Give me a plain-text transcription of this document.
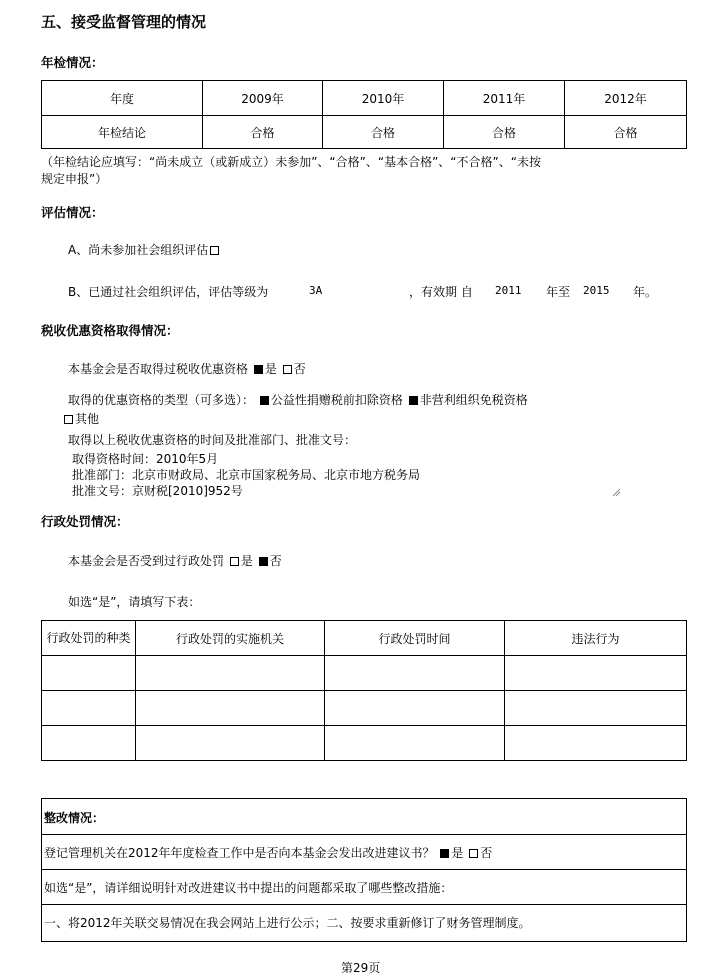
五、接受监督管理的情况
年检情况：
年度	2009年	2010年	2011年	2012年
年检结论	合格	合格	合格	合格
（年检结论应填写：“尚未成立（或新成立）未参加”、“合格”、“基本合格”、“不合格”、“未按
规定申报”）
评估情况：
A、尚未参加社会组织评估
B、已通过社会组织评估，评估等级为	3A	，有效期 自 2011 年至 2015 年。
税收优惠资格取得情况：
本基金会是否取得过税收优惠资格 是 否
取得的优惠资格的类型（可多选）： 公益性捐赠税前扣除资格 非营利组织免税资格
其他
取得以上税收优惠资格的时间及批准部门、批准文号：
取得资格时间：2010年5月
批准部门：北京市财政局、北京市国家税务局、北京市地方税务局
批准文号：京财税[2010]952号
行政处罚情况：
本基金会是否受到过行政处罚 是 否
如选“是”，请填写下表：
行政处罚的种类	行政处罚的实施机关	行政处罚时间	违法行为

整改情况：
登记管理机关在2012年年度检查工作中是否向本基金会发出改进建议书？ 是 否
如选“是”，请详细说明针对改进建议书中提出的问题都采取了哪些整改措施：
一、将2012年关联交易情况在我会网站上进行公示；二、按要求重新修订了财务管理制度。
第29页
